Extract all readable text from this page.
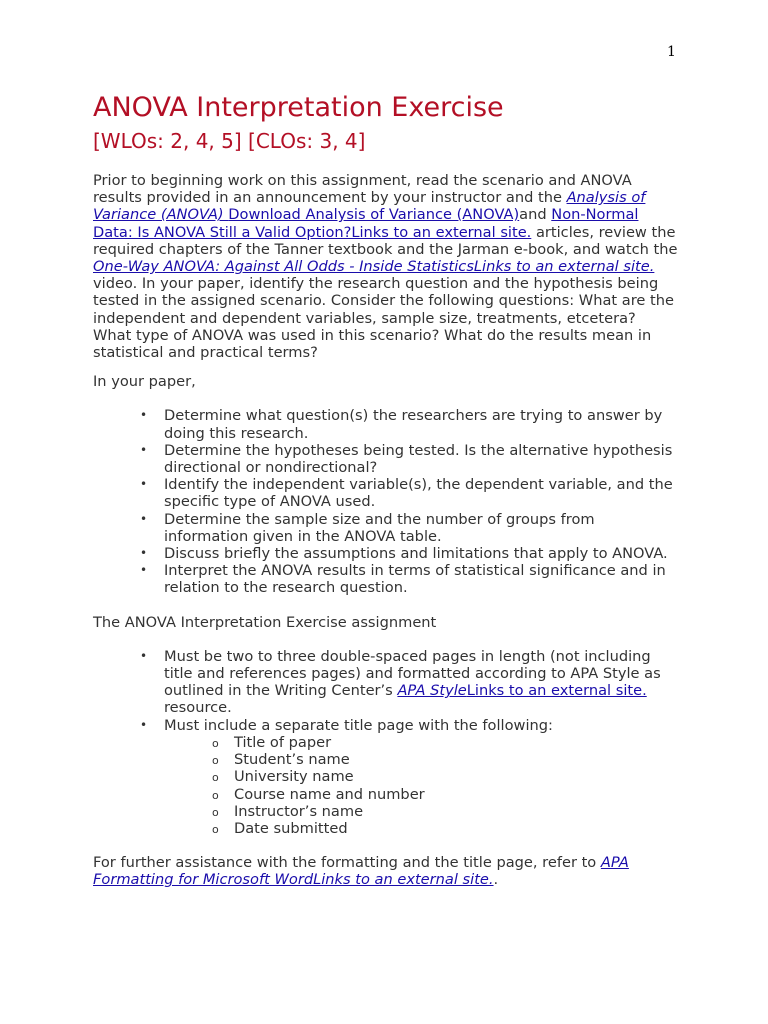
1
ANOVA Interpretation Exercise
[WLOs: 2, 4, 5] [CLOs: 3, 4]

Prior to beginning work on this assignment, read the scenario and ANOVA results provided in an announcement by your instructor and the Analysis of Variance (ANOVA) Download Analysis of Variance (ANOVA)and Non-Normal Data: Is ANOVA Still a Valid Option?Links to an external site. articles, review the required chapters of the Tanner textbook and the Jarman e-book, and watch the One-Way ANOVA: Against All Odds - Inside StatisticsLinks to an external site. video. In your paper, identify the research question and the hypothesis being tested in the assigned scenario. Consider the following questions: What are the independent and dependent variables, sample size, treatments, etcetera? What type of ANOVA was used in this scenario? What do the results mean in statistical and practical terms?

In your paper,

• Determine what question(s) the researchers are trying to answer by doing this research.
• Determine the hypotheses being tested. Is the alternative hypothesis directional or nondirectional?
• Identify the independent variable(s), the dependent variable, and the specific type of ANOVA used.
• Determine the sample size and the number of groups from information given in the ANOVA table.
• Discuss briefly the assumptions and limitations that apply to ANOVA.
• Interpret the ANOVA results in terms of statistical significance and in relation to the research question.

The ANOVA Interpretation Exercise assignment

• Must be two to three double-spaced pages in length (not including title and references pages) and formatted according to APA Style as outlined in the Writing Center’s APA StyleLinks to an external site. resource.
• Must include a separate title page with the following:
o Title of paper
o Student’s name
o University name
o Course name and number
o Instructor’s name
o Date submitted

For further assistance with the formatting and the title page, refer to APA Formatting for Microsoft WordLinks to an external site..
